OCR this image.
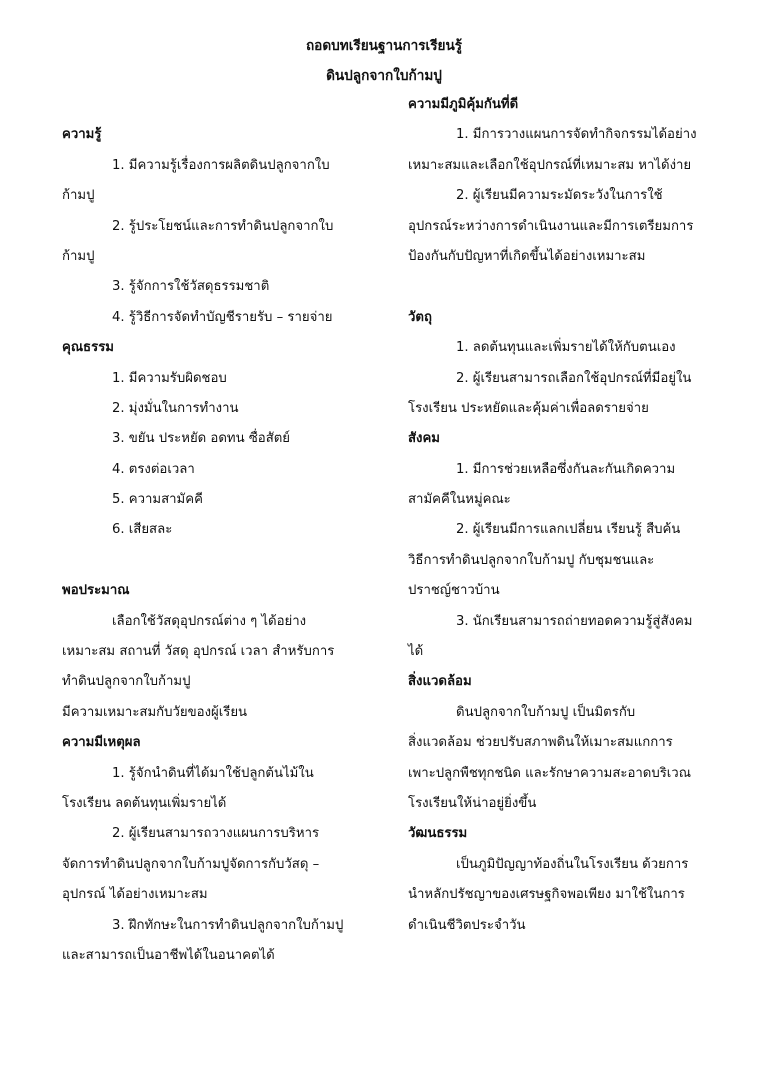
ถอดบทเรียนฐานการเรียนรู้
ดินปลูกจากใบก้ามปู
ความรู้
1. มีความรู้เรื่องการผลิตดินปลูกจากใบ
ก้ามปู
2. รู้ประโยชน์และการทำดินปลูกจากใบ
ก้ามปู
3. รู้จักการใช้วัสดุธรรมชาติ
4. รู้วิธีการจัดทำบัญชีรายรับ – รายจ่าย
คุณธรรม
1. มีความรับผิดชอบ
2. มุ่งมั่นในการทำงาน
3. ขยัน ประหยัด อดทน ซื่อสัตย์
4. ตรงต่อเวลา
5. ความสามัคคี
6. เสียสละ
พอประมาณ
เลือกใช้วัสดุอุปกรณ์ต่าง ๆ ได้อย่าง
เหมาะสม สถานที่ วัสดุ อุปกรณ์ เวลา สำหรับการ
ทำดินปลูกจากใบก้ามปู
มีความเหมาะสมกับวัยของผู้เรียน
ความมีเหตุผล
1. รู้จักนำดินที่ได้มาใช้ปลูกต้นไม้ใน
โรงเรียน ลดต้นทุนเพิ่มรายได้
2. ผู้เรียนสามารถวางแผนการบริหาร
จัดการทำดินปลูกจากใบก้ามปูจัดการกับวัสดุ –
อุปกรณ์ ได้อย่างเหมาะสม
3. ฝึกทักษะในการทำดินปลูกจากใบก้ามปู
และสามารถเป็นอาชีพได้ในอนาคตได้
ความมีภูมิคุ้มกันที่ดี
1. มีการวางแผนการจัดทำกิจกรรมได้อย่าง
เหมาะสมและเลือกใช้อุปกรณ์ที่เหมาะสม หาได้ง่าย
2. ผู้เรียนมีความระมัดระวังในการใช้
อุปกรณ์ระหว่างการดำเนินงานและมีการเตรียมการ
ป้องกันกับปัญหาที่เกิดขึ้นได้อย่างเหมาะสม
วัตถุ
1. ลดต้นทุนและเพิ่มรายได้ให้กับตนเอง
2. ผู้เรียนสามารถเลือกใช้อุปกรณ์ที่มีอยู่ใน
โรงเรียน ประหยัดและคุ้มค่าเพื่อลดรายจ่าย
สังคม
1. มีการช่วยเหลือซึ่งกันละกันเกิดความ
สามัคคีในหมู่คณะ
2. ผู้เรียนมีการแลกเปลี่ยน เรียนรู้ สืบค้น
วิธีการทำดินปลูกจากใบก้ามปู กับชุมชนและ
ปราชญ์ชาวบ้าน
3. นักเรียนสามารถถ่ายทอดความรู้สู่สังคม
ได้
สิ่งแวดล้อม
ดินปลูกจากใบก้ามปู เป็นมิตรกับ
สิ่งแวดล้อม ช่วยปรับสภาพดินให้เมาะสมแกการ
เพาะปลูกพืชทุกชนิด และรักษาความสะอาดบริเวณ
โรงเรียนให้น่าอยู่ยิ่งขึ้น
วัฒนธรรม
เป็นภูมิปัญญาท้องถิ่นในโรงเรียน ด้วยการ
นำหลักปรัชญาของเศรษฐกิจพอเพียง มาใช้ในการ
ดำเนินชีวิตประจำวัน
